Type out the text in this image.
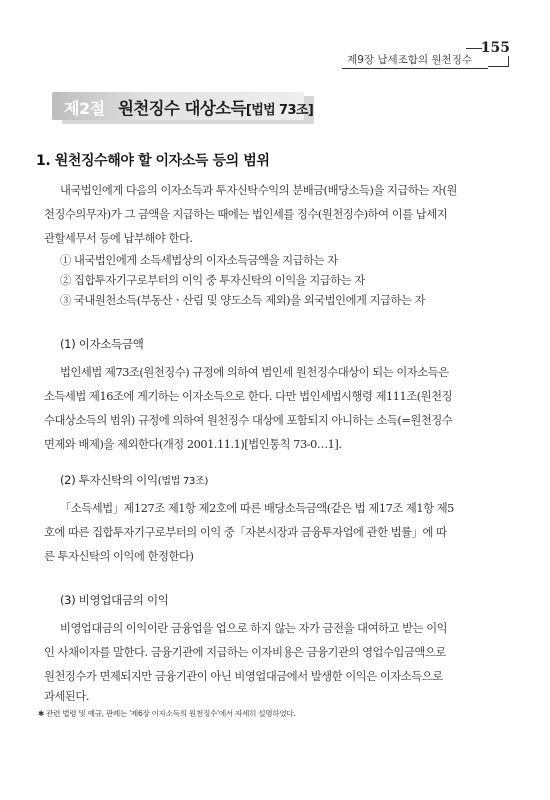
155
제9장 납세조합의 원천징수
제2절 원천징수 대상소득[법법 73조]
1. 원천징수해야 할 이자소득 등의 범위
내국법인에게 다음의 이자소득과 투자신탁수익의 분배금(배당소득)을 지급하는 자(원
천징수의무자)가 그 금액을 지급하는 때에는 법인세를 징수(원천징수)하여 이를 납세지
관할세무서 등에 납부해야 한다.
① 내국법인에게 소득세법상의 이자소득금액을 지급하는 자
② 집합투자기구로부터의 이익 중 투자신탁의 이익을 지급하는 자
③ 국내원천소득(부동산ㆍ산림 및 양도소득 제외)을 외국법인에게 지급하는 자
(1) 이자소득금액
법인세법 제73조(원천징수) 규정에 의하여 법인세 원천징수대상이 되는 이자소득은
소득세법 제16조에 게기하는 이자소득으로 한다. 다만 법인세법시행령 제111조(원천징
수대상소득의 범위) 규정에 의하여 원천징수 대상에 포함되지 아니하는 소득(=원천징수
면제와 배제)을 제외한다(개정 2001.11.1)[법인통칙 73-0…1].
(2) 투자신탁의 이익(법법 73조)
「소득세법」제127조 제1항 제2호에 따른 배당소득금액(같은 법 제17조 제1항 제5
호에 따른 집합투자기구로부터의 이익 중「자본시장과 금융투자업에 관한 법률」에 따
른 투자신탁의 이익에 한정한다)
(3) 비영업대금의 이익
비영업대금의 이익이란 금융업을 업으로 하지 않는 자가 금전을 대여하고 받는 이익
인 사채이자를 말한다. 금융기관에 지급하는 이자비용은 금융기관의 영업수입금액으로
원천징수가 면제되지만 금융기관이 아닌 비영업대금에서 발생한 이익은 이자소득으로
과세된다.
✱ 관련 법령 및 예규, 판례는 '제6장 이자소득의 원천징수'에서 자세히 설명하였다.
